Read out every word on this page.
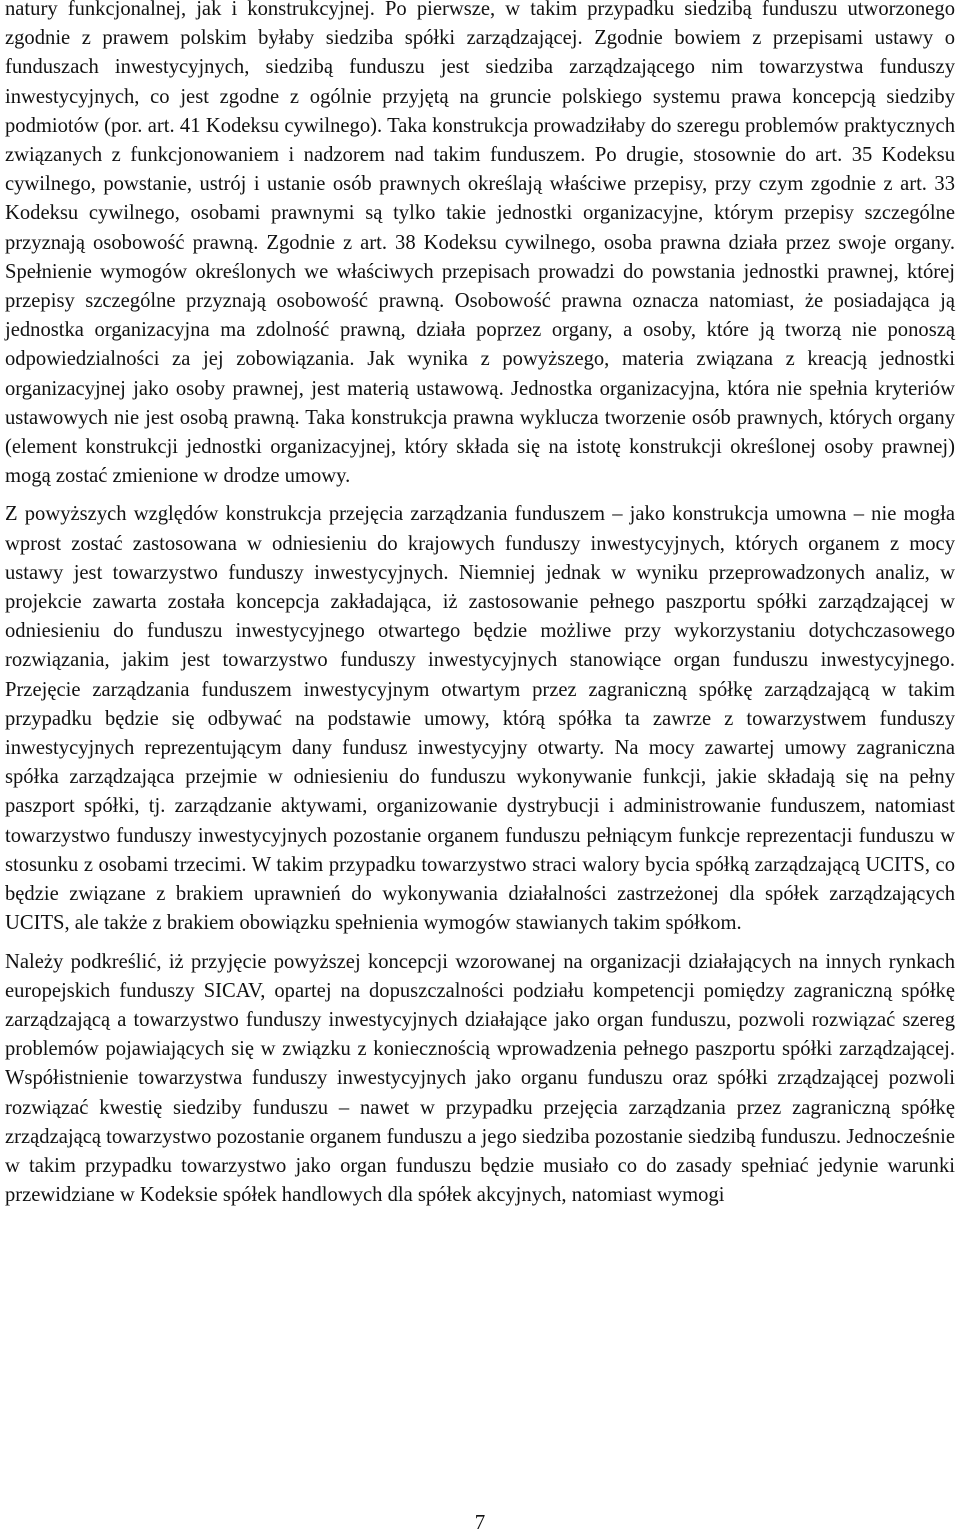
natury funkcjonalnej, jak i konstrukcyjnej. Po pierwsze, w takim przypadku siedzibą funduszu utworzonego zgodnie z prawem polskim byłaby siedziba spółki zarządzającej. Zgodnie bowiem z przepisami ustawy o funduszach inwestycyjnych, siedzibą funduszu jest siedziba zarządzającego nim towarzystwa funduszy inwestycyjnych, co jest zgodne z ogólnie przyjętą na gruncie polskiego systemu prawa koncepcją siedziby podmiotów (por. art. 41 Kodeksu cywilnego). Taka konstrukcja prowadziłaby do szeregu problemów praktycznych związanych z funkcjonowaniem i nadzorem nad takim funduszem. Po drugie, stosownie do art. 35 Kodeksu cywilnego, powstanie, ustrój i ustanie osób prawnych określają właściwe przepisy, przy czym zgodnie z art. 33 Kodeksu cywilnego, osobami prawnymi są tylko takie jednostki organizacyjne, którym przepisy szczególne przyznają osobowość prawną. Zgodnie z art. 38 Kodeksu cywilnego, osoba prawna działa przez swoje organy. Spełnienie wymogów określonych we właściwych przepisach prowadzi do powstania jednostki prawnej, której przepisy szczególne przyznają osobowość prawną. Osobowość prawna oznacza natomiast, że posiadająca ją jednostka organizacyjna ma zdolność prawną, działa poprzez organy, a osoby, które ją tworzą nie ponoszą odpowiedzialności za jej zobowiązania. Jak wynika z powyższego, materia związana z kreacją jednostki organizacyjnej jako osoby prawnej, jest materią ustawową. Jednostka organizacyjna, która nie spełnia kryteriów ustawowych nie jest osobą prawną. Taka konstrukcja prawna wyklucza tworzenie osób prawnych, których organy (element konstrukcji jednostki organizacyjnej, który składa się na istotę konstrukcji określonej osoby prawnej) mogą zostać zmienione w drodze umowy.

Z powyższych względów konstrukcja przejęcia zarządzania funduszem – jako konstrukcja umowna – nie mogła wprost zostać zastosowana w odniesieniu do krajowych funduszy inwestycyjnych, których organem z mocy ustawy jest towarzystwo funduszy inwestycyjnych. Niemniej jednak w wyniku przeprowadzonych analiz, w projekcie zawarta została koncepcja zakładająca, iż zastosowanie pełnego paszportu spółki zarządzającej w odniesieniu do funduszu inwestycyjnego otwartego będzie możliwe przy wykorzystaniu dotychczasowego rozwiązania, jakim jest towarzystwo funduszy inwestycyjnych stanowiące organ funduszu inwestycyjnego. Przejęcie zarządzania funduszem inwestycyjnym otwartym przez zagraniczną spółkę zarządzającą w takim przypadku będzie się odbywać na podstawie umowy, którą spółka ta zawrze z towarzystwem funduszy inwestycyjnych reprezentującym dany fundusz inwestycyjny otwarty. Na mocy zawartej umowy zagraniczna spółka zarządzająca przejmie w odniesieniu do funduszu wykonywanie funkcji, jakie składają się na pełny paszport spółki, tj. zarządzanie aktywami, organizowanie dystrybucji i administrowanie funduszem, natomiast towarzystwo funduszy inwestycyjnych pozostanie organem funduszu pełniącym funkcje reprezentacji funduszu w stosunku z osobami trzecimi. W takim przypadku towarzystwo straci walory bycia spółką zarządzającą UCITS, co będzie związane z brakiem uprawnień do wykonywania działalności zastrzeżonej dla spółek zarządzających UCITS, ale także z brakiem obowiązku spełnienia wymogów stawianych takim spółkom.

Należy podkreślić, iż przyjęcie powyższej koncepcji wzorowanej na organizacji działających na innych rynkach europejskich funduszy SICAV, opartej na dopuszczalności podziału kompetencji pomiędzy zagraniczną spółkę zarządzającą a towarzystwo funduszy inwestycyjnych działające jako organ funduszu, pozwoli rozwiązać szereg problemów pojawiających się w związku z koniecznością wprowadzenia pełnego paszportu spółki zarządzającej. Współistnienie towarzystwa funduszy inwestycyjnych jako organu funduszu oraz spółki zrządzającej pozwoli rozwiązać kwestię siedziby funduszu – nawet w przypadku przejęcia zarządzania przez zagraniczną spółkę zrządzającą towarzystwo pozostanie organem funduszu a jego siedziba pozostanie siedzibą funduszu. Jednocześnie w takim przypadku towarzystwo jako organ funduszu będzie musiało co do zasady spełniać jedynie warunki przewidziane w Kodeksie spółek handlowych dla spółek akcyjnych, natomiast wymogi

7
